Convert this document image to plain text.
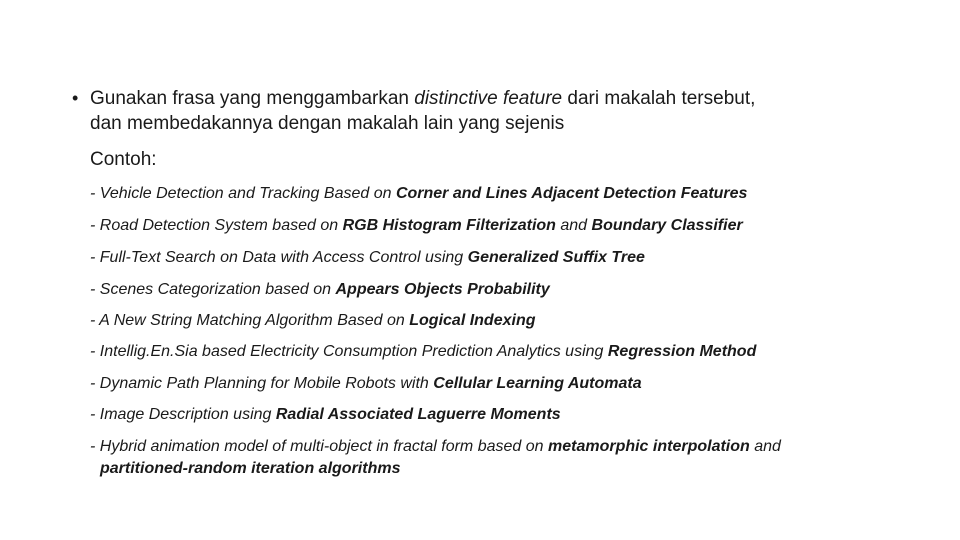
• Gunakan frasa yang menggambarkan distinctive feature dari makalah tersebut,
dan membedakannya dengan makalah lain yang sejenis
Contoh:
- Vehicle Detection and Tracking Based on Corner and Lines Adjacent Detection Features
- Road Detection System based on RGB Histogram Filterization and Boundary Classifier
- Full-Text Search on Data with Access Control using Generalized Suffix Tree
- Scenes Categorization based on Appears Objects Probability
- A New String Matching Algorithm Based on Logical Indexing
- Intellig.En.Sia based Electricity Consumption Prediction Analytics using Regression Method
- Dynamic Path Planning for Mobile Robots with Cellular Learning Automata
- Image Description using Radial Associated Laguerre Moments
- Hybrid animation model of multi-object in fractal form based on metamorphic interpolation and
partitioned-random iteration algorithms
